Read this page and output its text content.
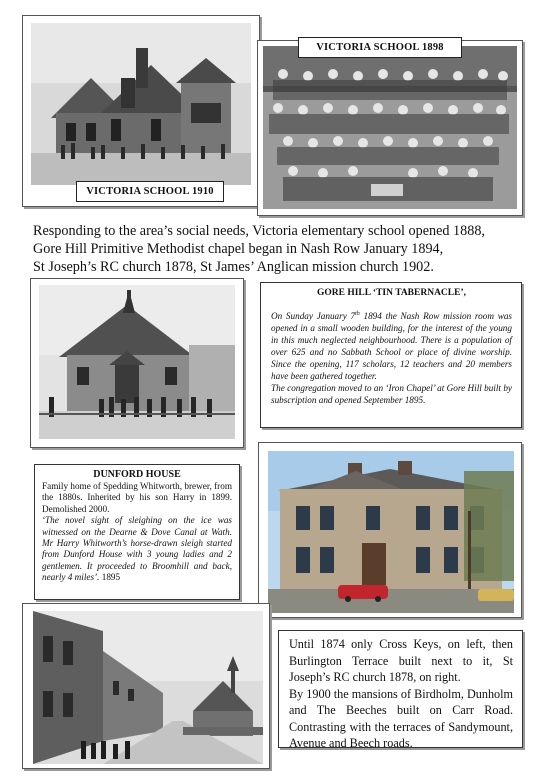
VICTORIA SCHOOL 1910
VICTORIA SCHOOL 1898
Responding to the area’s social needs, Victoria elementary school opened 1888,
Gore Hill Primitive Methodist chapel began in Nash Row January 1894,
St Joseph’s RC church 1878, St James’ Anglican mission church 1902.
GORE HILL ‘TIN TABERNACLE’,
On Sunday January 7th 1894 the Nash Row mission room was opened in a small wooden building, for the interest of the young in this much neglected neighbourhood. There is a population of over 625 and no Sabbath School or place of divine worship. Since the opening, 117 scholars, 12 teachers and 20 members have been gathered together.
The congregation moved to an ‘Iron Chapel’ at Gore Hill built by subscription and opened September 1895.
DUNFORD HOUSE
Family home of Spedding Whitworth, brewer, from the 1880s. Inherited by his son Harry in 1899. Demolished 2000.
‘The novel sight of sleighing on the ice was witnessed on the Dearne & Dove Canal at Wath. Mr Harry Whitworth’s horse-drawn sleigh started from Dunford House with 3 young ladies and 2 gentlemen. It proceeded to Broomhill and back, nearly 4 miles’. 1895
Until 1874 only Cross Keys, on left, then Burlington Terrace built next to it, St Joseph’s RC church 1878, on right.
By 1900 the mansions of Birdholm, Dunholm and The Beeches built on Carr Road. Contrasting with the terraces of Sandymount, Avenue and Beech roads.
